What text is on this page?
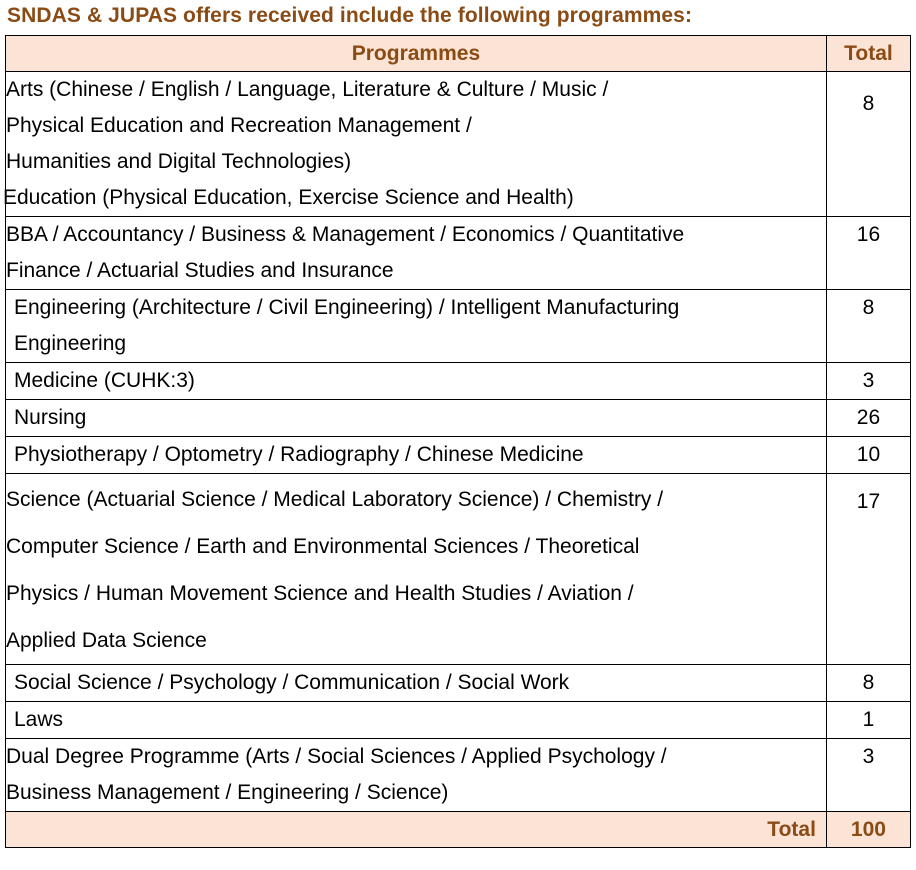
SNDAS & JUPAS offers received include the following programmes:
Programmes	Total

Arts (Chinese / English / Language, Literature & Culture / Music /
Physical Education and Recreation Management /
Humanities and Digital Technologies)
Education (Physical Education, Exercise Science and Health)	8

BBA / Accountancy / Business & Management / Economics / Quantitative
Finance / Actuarial Studies and Insurance	16

Engineering (Architecture / Civil Engineering) / Intelligent Manufacturing
Engineering	8

Medicine (CUHK:3)	3

Nursing	26

Physiotherapy / Optometry / Radiography / Chinese Medicine	10

Science (Actuarial Science / Medical Laboratory Science) / Chemistry /
Computer Science / Earth and Environmental Sciences / Theoretical
Physics / Human Movement Science and Health Studies / Aviation /
Applied Data Science	17

Social Science / Psychology / Communication / Social Work	8

Laws	1

Dual Degree Programme (Arts / Social Sciences / Applied Psychology /
Business Management / Engineering / Science)	3
Total	100
